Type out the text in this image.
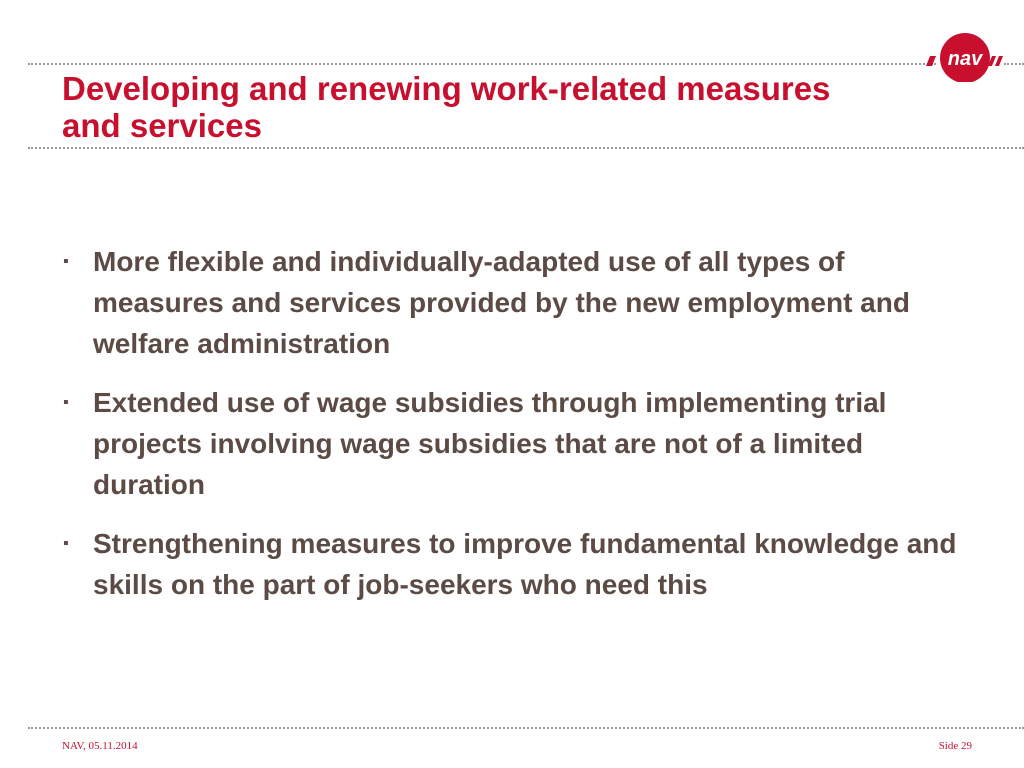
nav
Developing and renewing work-related measures and services
▪ More flexible and individually-adapted use of all types of measures and services provided by the new employment and welfare administration
▪ Extended use of wage subsidies through implementing trial projects involving wage subsidies that are not of a limited duration
▪ Strengthening measures to improve fundamental knowledge and skills on the part of job-seekers who need this
NAV, 05.11.2014	Side 29
